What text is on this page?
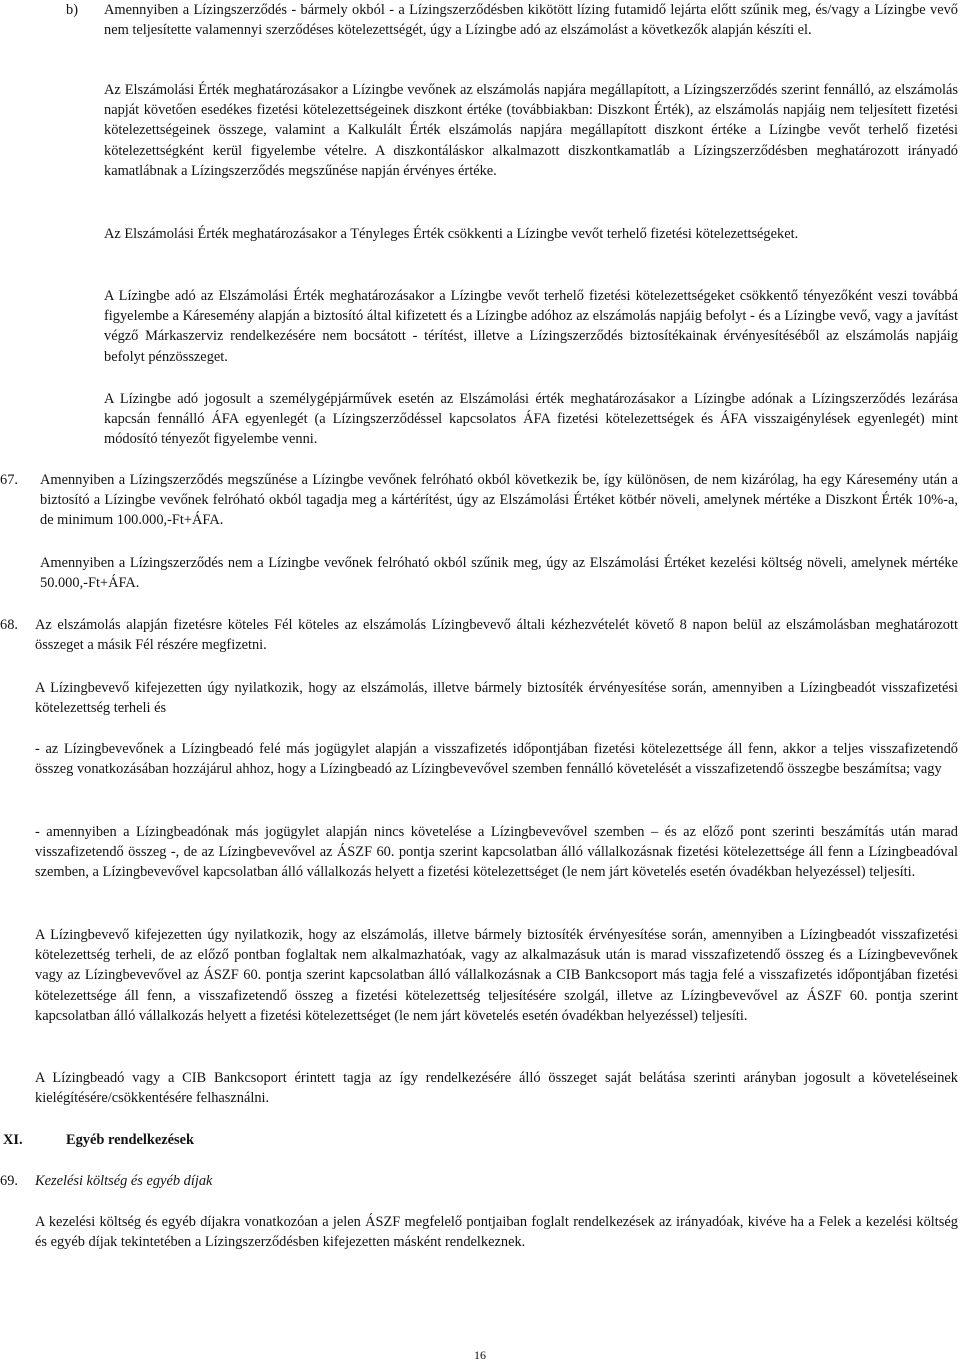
b) Amennyiben a Lízingszerződés - bármely okból - a Lízingszerződésben kikötött lízing futamidő lejárta előtt szűnik meg, és/vagy a Lízingbe vevő nem teljesítette valamennyi szerződéses kötelezettségét, úgy a Lízingbe adó az elszámolást a következők alapján készíti el.

Az Elszámolási Érték meghatározásakor a Lízingbe vevőnek az elszámolás napjára megállapított, a Lízingszerződés szerint fennálló, az elszámolás napját követően esedékes fizetési kötelezettségeinek diszkont értéke (továbbiakban: Diszkont Érték), az elszámolás napjáig nem teljesített fizetési kötelezettségeinek összege, valamint a Kalkulált Érték elszámolás napjára megállapított diszkont értéke a Lízingbe vevőt terhelő fizetési kötelezettségként kerül figyelembe vételre. A diszkontáláskor alkalmazott diszkontkamatláb a Lízingszerződésben meghatározott irányadó kamatlábnak a Lízingszerződés megszűnése napján érvényes értéke.

Az Elszámolási Érték meghatározásakor a Tényleges Érték csökkenti a Lízingbe vevőt terhelő fizetési kötelezettségeket.

A Lízingbe adó az Elszámolási Érték meghatározásakor a Lízingbe vevőt terhelő fizetési kötelezettségeket csökkentő tényezőként veszi továbbá figyelembe a Káresemény alapján a biztosító által kifizetett és a Lízingbe adóhoz az elszámolás napjáig befolyt - és a Lízingbe vevő, vagy a javítást végző Márkaszerviz rendelkezésére nem bocsátott - térítést, illetve a Lízingszerződés biztosítékainak érvényesítéséből az elszámolás napjáig befolyt pénzösszeget.

A Lízingbe adó jogosult a személygépjárművek esetén az Elszámolási érték meghatározásakor a Lízingbe adónak a Lízingszerződés lezárása kapcsán fennálló ÁFA egyenlegét (a Lízingszerződéssel kapcsolatos ÁFA fizetési kötelezettségek és ÁFA visszaigénylések egyenlegét) mint módosító tényezőt figyelembe venni.

67. Amennyiben a Lízingszerződés megszűnése a Lízingbe vevőnek felróható okból következik be, így különösen, de nem kizárólag, ha egy Káresemény után a biztosító a Lízingbe vevőnek felróható okból tagadja meg a kártérítést, úgy az Elszámolási Értéket kötbér növeli, amelynek mértéke a Diszkont Érték 10%-a, de minimum 100.000,-Ft+ÁFA.

Amennyiben a Lízingszerződés nem a Lízingbe vevőnek felróható okból szűnik meg, úgy az Elszámolási Értéket kezelési költség növeli, amelynek mértéke 50.000,-Ft+ÁFA.

68. Az elszámolás alapján fizetésre köteles Fél köteles az elszámolás Lízingbevevő általi kézhezvételét követő 8 napon belül az elszámolásban meghatározott összeget a másik Fél részére megfizetni.

A Lízingbevevő kifejezetten úgy nyilatkozik, hogy az elszámolás, illetve bármely biztosíték érvényesítése során, amennyiben a Lízingbeadót visszafizetési kötelezettség terheli és

- az Lízingbevevőnek a Lízingbeadó felé más jogügylet alapján a visszafizetés időpontjában fizetési kötelezettsége áll fenn, akkor a teljes visszafizetendő összeg vonatkozásában hozzájárul ahhoz, hogy a Lízingbeadó az Lízingbevevővel szemben fennálló követelését a visszafizetendő összegbe beszámítsa; vagy

- amennyiben a Lízingbeadónak más jogügylet alapján nincs követelése a Lízingbevevővel szemben – és az előző pont szerinti beszámítás után marad visszafizetendő összeg -, de az Lízingbevevővel az ÁSZF 60. pontja szerint kapcsolatban álló vállalkozásnak fizetési kötelezettsége áll fenn a Lízingbeadóval szemben, a Lízingbevevővel kapcsolatban álló vállalkozás helyett a fizetési kötelezettséget (le nem járt követelés esetén óvadékban helyezéssel) teljesíti.

A Lízingbevevő kifejezetten úgy nyilatkozik, hogy az elszámolás, illetve bármely biztosíték érvényesítése során, amennyiben a Lízingbeadót visszafizetési kötelezettség terheli, de az előző pontban foglaltak nem alkalmazhatóak, vagy az alkalmazásuk után is marad visszafizetendő összeg és a Lízingbevevőnek vagy az Lízingbevevővel az ÁSZF 60. pontja szerint kapcsolatban álló vállalkozásnak a CIB Bankcsoport más tagja felé a visszafizetés időpontjában fizetési kötelezettsége áll fenn, a visszafizetendő összeg a fizetési kötelezettség teljesítésére szolgál, illetve az Lízingbevevővel az ÁSZF 60. pontja szerint kapcsolatban álló vállalkozás helyett a fizetési kötelezettséget (le nem járt követelés esetén óvadékban helyezéssel) teljesíti.

A Lízingbeadó vagy a CIB Bankcsoport érintett tagja az így rendelkezésére álló összeget saját belátása szerinti arányban jogosult a követeléseinek kielégítésére/csökkentésére felhasználni.

XI.	Egyéb rendelkezések
69. Kezelési költség és egyéb díjak

A kezelési költség és egyéb díjakra vonatkozóan a jelen ÁSZF megfelelő pontjaiban foglalt rendelkezések az irányadóak, kivéve ha a Felek a kezelési költség és egyéb díjak tekintetében a Lízingszerződésben kifejezetten másként rendelkeznek.

16
